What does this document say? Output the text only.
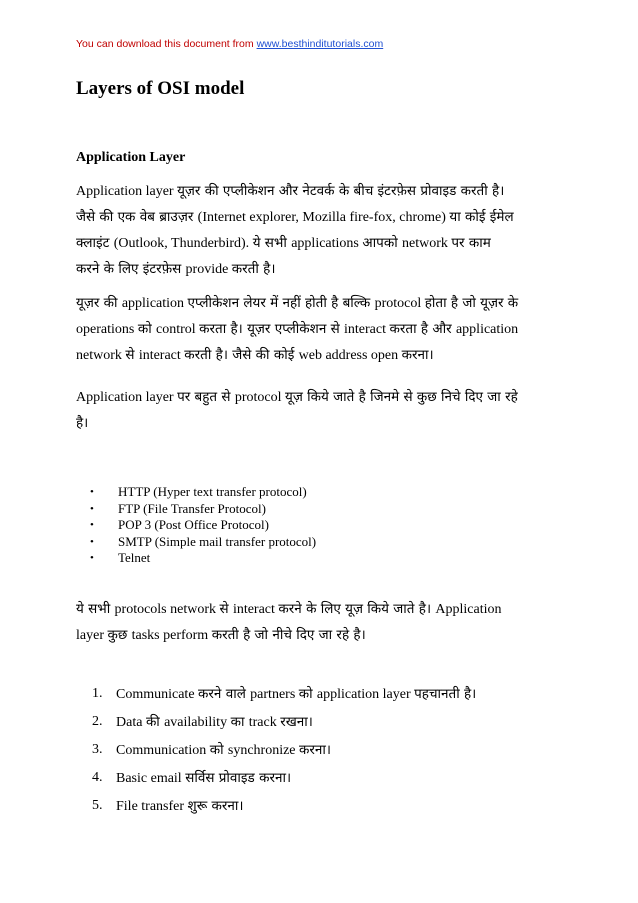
You can download this document from www.besthinditutorials.com
Layers of OSI model
Application Layer
Application layer यूज़र की एप्लीकेशन और नेटवर्क के बीच इंटरफ़ेस प्रोवाइड करती है।
जैसे की एक वेब ब्राउज़र (Internet explorer, Mozilla fire-fox, chrome) या कोई ईमेल
क्लाइंट (Outlook, Thunderbird). ये सभी applications आपको network पर काम
करने के लिए इंटरफ़ेस provide करती है।
यूज़र की application एप्लीकेशन लेयर में नहीं होती है बल्कि protocol होता है जो यूज़र के
operations को control करता है। यूज़र एप्लीकेशन से interact करता है और application
network से interact करती है। जैसे की कोई web address open करना।
Application layer पर बहुत से protocol यूज़ किये जाते है जिनमे से कुछ निचे दिए जा रहे
है।
• HTTP (Hyper text transfer protocol)
• FTP (File Transfer Protocol)
• POP 3 (Post Office Protocol)
• SMTP (Simple mail transfer protocol)
• Telnet
ये सभी protocols network से interact करने के लिए यूज़ किये जाते है। Application
layer कुछ tasks perform करती है जो नीचे दिए जा रहे है।
1. Communicate करने वाले partners को application layer पहचानती है।
2. Data की availability का track रखना।
3. Communication को synchronize करना।
4. Basic email सर्विस प्रोवाइड करना।
5. File transfer शुरू करना।
